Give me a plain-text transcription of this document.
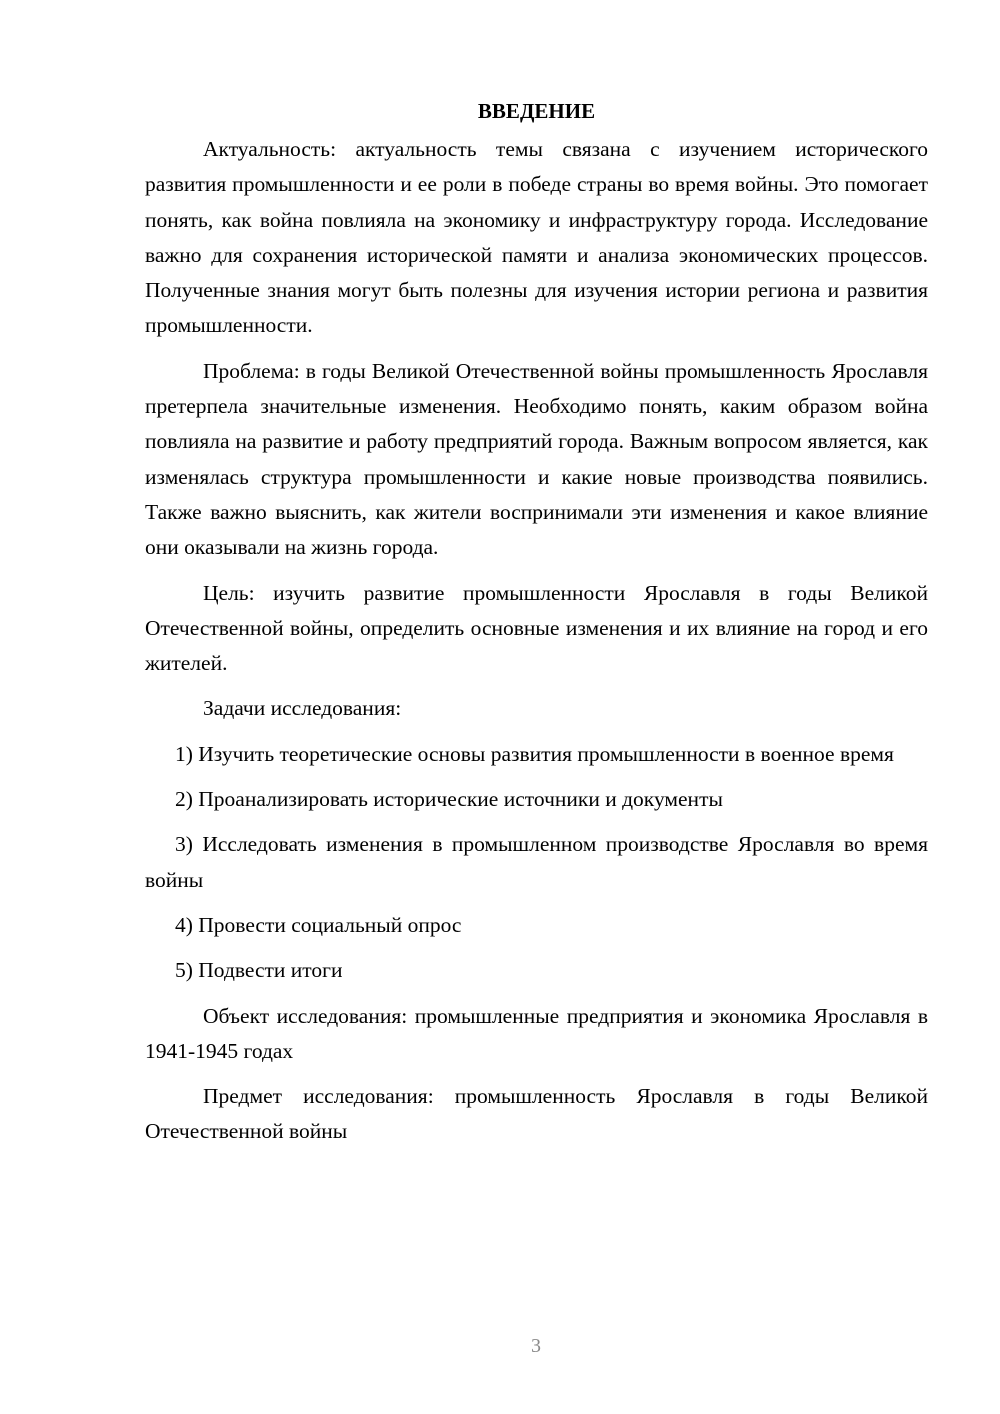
ВВЕДЕНИЕ

Актуальность: актуальность темы связана с изучением исторического развития промышленности и ее роли в победе страны во время войны. Это помогает понять, как война повлияла на экономику и инфраструктуру города. Исследование важно для сохранения исторической памяти и анализа экономических процессов. Полученные знания могут быть полезны для изучения истории региона и развития промышленности.

Проблема: в годы Великой Отечественной войны промышленность Ярославля претерпела значительные изменения. Необходимо понять, каким образом война повлияла на развитие и работу предприятий города. Важным вопросом является, как изменялась структура промышленности и какие новые производства появились. Также важно выяснить, как жители воспринимали эти изменения и какое влияние они оказывали на жизнь города.

Цель: изучить развитие промышленности Ярославля в годы Великой Отечественной войны, определить основные изменения и их влияние на город и его жителей.

Задачи исследования:

1) Изучить теоретические основы развития промышленности в военное время

2) Проанализировать исторические источники и документы

3) Исследовать изменения в промышленном производстве Ярославля во время войны

4) Провести социальный опрос

5) Подвести итоги

Объект исследования: промышленные предприятия и экономика Ярославля в 1941-1945 годах

Предмет исследования: промышленность Ярославля в годы Великой Отечественной войны

3
